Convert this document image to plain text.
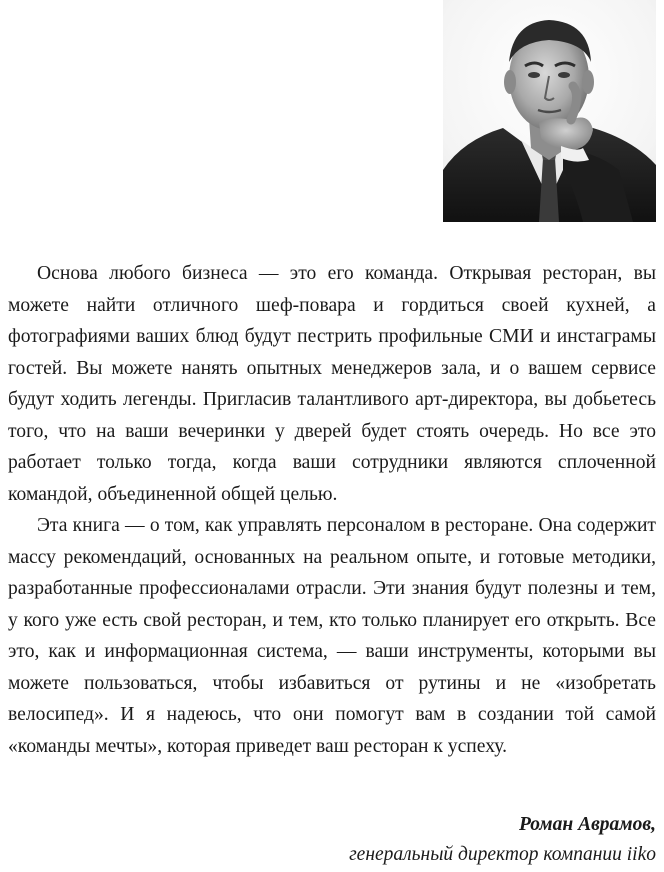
Основа любого бизнеса — это его команда. Открывая ресторан, вы можете найти отличного шеф-повара и гордиться своей кухней, а фотографиями ваших блюд будут пестрить профильные СМИ и инстаграмы гостей. Вы можете нанять опытных менеджеров зала, и о вашем сервисе будут ходить легенды. Пригласив талантливого арт-директора, вы добьетесь того, что на ваши вечеринки у дверей будет стоять очередь. Но все это работает только тогда, когда ваши сотрудники являются сплоченной командой, объединенной общей целью.

Эта книга — о том, как управлять персоналом в ресторане. Она содержит массу рекомендаций, основанных на реальном опыте, и готовые методики, разработанные профессионалами отрасли. Эти знания будут полезны и тем, у кого уже есть свой ресторан, и тем, кто только планирует его открыть. Все это, как и информационная система, — ваши инструменты, которыми вы можете пользоваться, чтобы избавиться от рутины и не «изобретать велосипед». И я надеюсь, что они помогут вам в создании той самой «команды мечты», которая приведет ваш ресторан к успеху.

Роман Аврамов,
генеральный директор компании iiko
